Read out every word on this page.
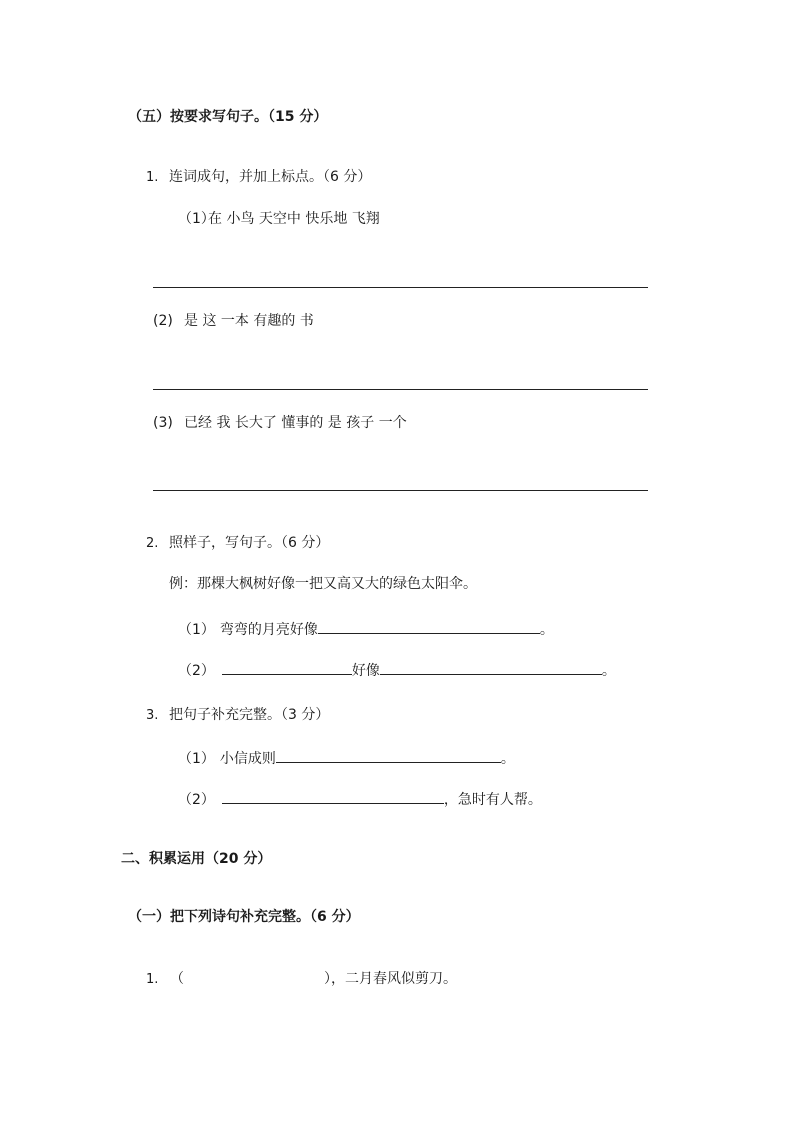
（五）按要求写句子。（15 分）
1. 连词成句，并加上标点。（6 分）
（1）
在 小鸟 天空中 快乐地 飞翔
(2) 是 这 一本 有趣的 书
(3) 已经 我 长大了 懂事的 是 孩子 一个
2. 照样子，写句子。（6 分）
例：那棵大枫树好像一把又高又大的绿色太阳伞。
（1） 弯弯的月亮好像	。
（2）	好像	。
3. 把句子补充完整。（3 分）
（1） 小信成则	。
（2）	，急时有人帮。
二、积累运用（20 分）
（一）把下列诗句补充完整。（6 分）
1. （	），二月春风似剪刀。
